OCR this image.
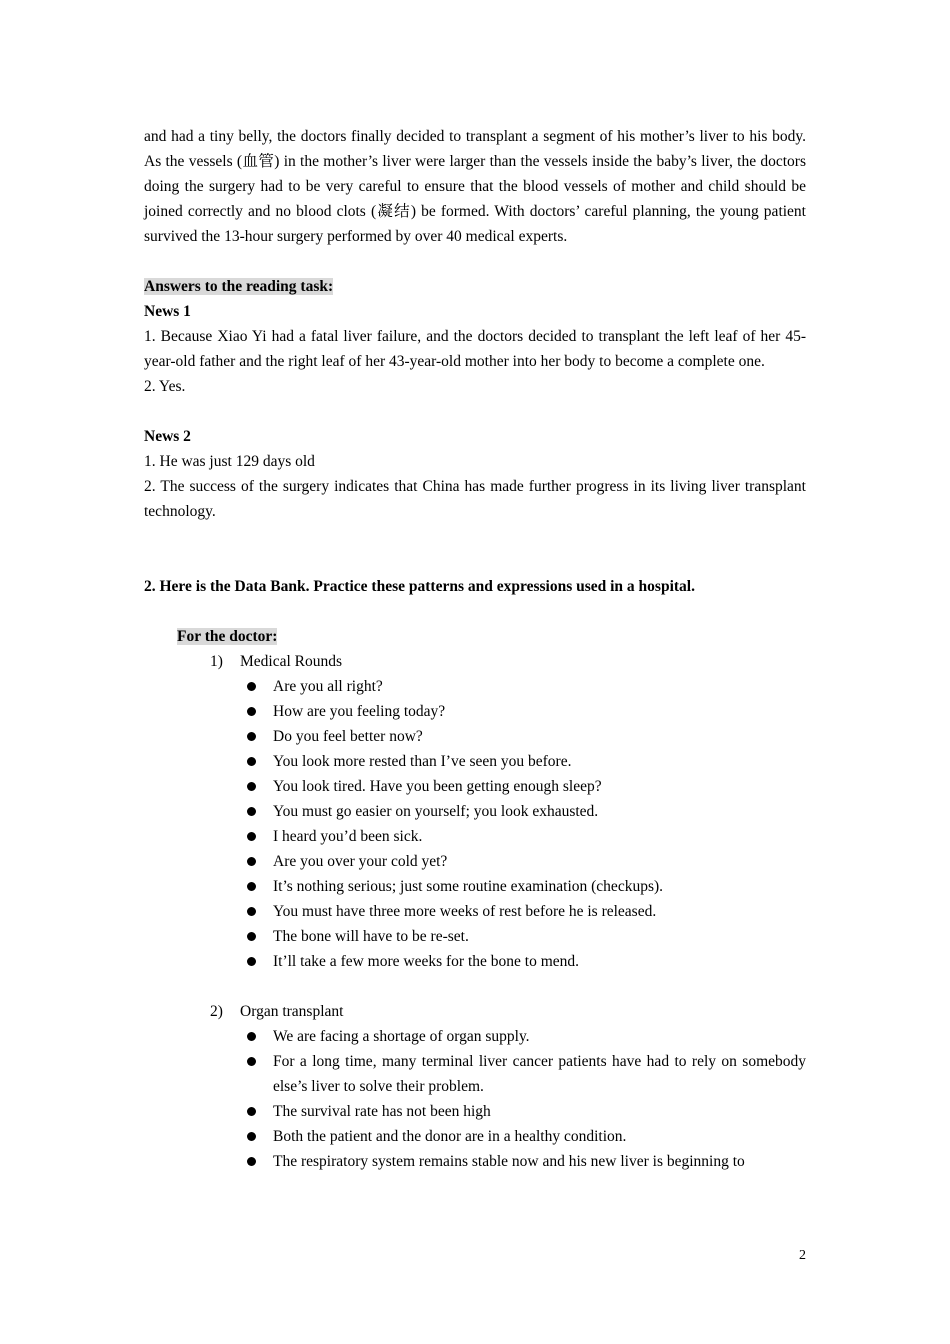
and had a tiny belly, the doctors finally decided to transplant a segment of his mother’s liver to his body. As the vessels (血管) in the mother’s liver were larger than the vessels inside the baby’s liver, the doctors doing the surgery had to be very careful to ensure that the blood vessels of mother and child should be joined correctly and no blood clots (凝结) be formed. With doctors’ careful planning, the young patient survived the 13-hour surgery performed by over 40 medical experts.
Answers to the reading task:
News 1
1. Because Xiao Yi had a fatal liver failure, and the doctors decided to transplant the left leaf of her 45-year-old father and the right leaf of her 43-year-old mother into her body to become a complete one.
2. Yes.
News 2
1. He was just 129 days old
2. The success of the surgery indicates that China has made further progress in its living liver transplant technology.
2. Here is the Data Bank. Practice these patterns and expressions used in a hospital.
For the doctor:
1) Medical Rounds
Are you all right?
How are you feeling today?
Do you feel better now?
You look more rested than I’ve seen you before.
You look tired. Have you been getting enough sleep?
You must go easier on yourself; you look exhausted.
I heard you’d been sick.
Are you over your cold yet?
It’s nothing serious; just some routine examination (checkups).
You must have three more weeks of rest before he is released.
The bone will have to be re-set.
It’ll take a few more weeks for the bone to mend.
2) Organ transplant
We are facing a shortage of organ supply.
For a long time, many terminal liver cancer patients have had to rely on somebody else’s liver to solve their problem.
The survival rate has not been high
Both the patient and the donor are in a healthy condition.
The respiratory system remains stable now and his new liver is beginning to
2
